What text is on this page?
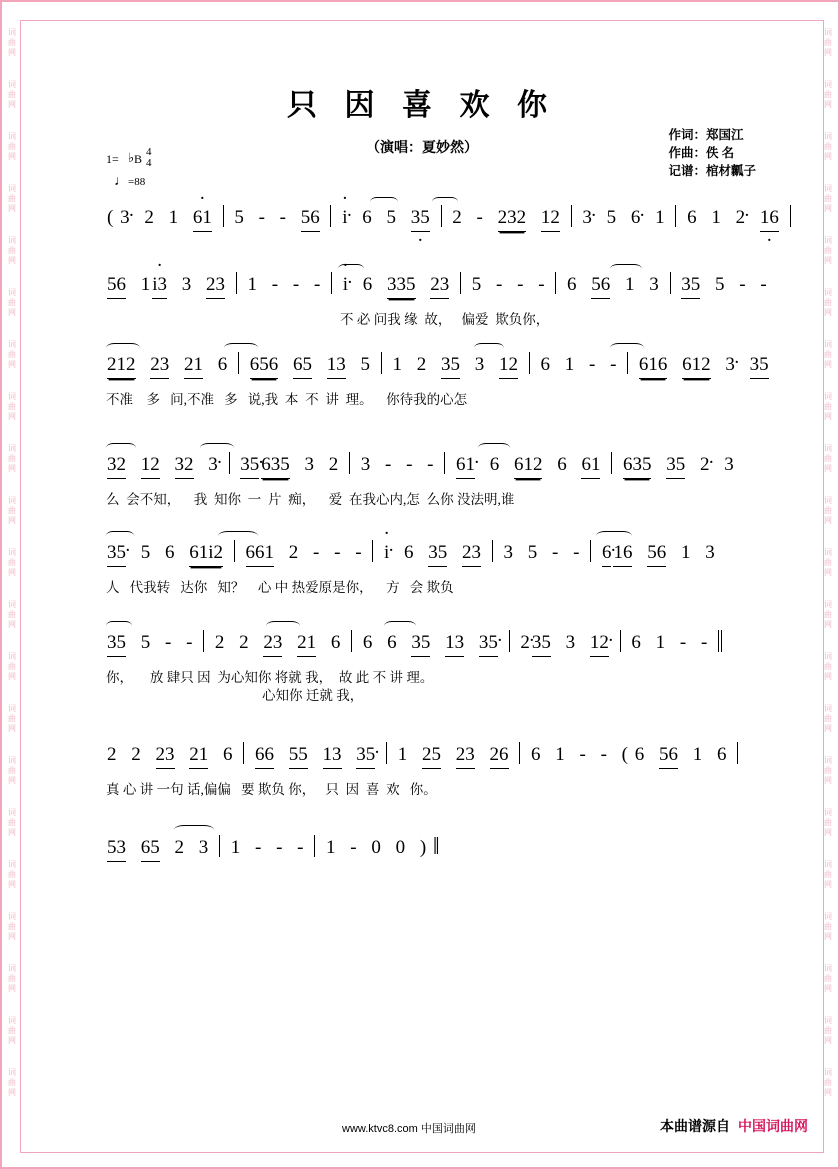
词
曲
网
词
曲
网
词
曲
网
词
曲
网
词
曲
网
词
曲
网
词
曲
网
词
曲
网
词
曲
网
词
曲
网
词
曲
网
词
曲
网
词
曲
网
词
曲
网
词
曲
网
词
曲
网
词
曲
网
词
曲
网
词
曲
网
词
曲
网
词
曲
网
词
曲
网
词
曲
网
词
曲
网
词
曲
网
词
曲
网
词
曲
网
词
曲
网
词
曲
网
词
曲
网
词
曲
网
词
曲
网
词
曲
网
词
曲
网
词
曲
网
词
曲
网
词
曲
网
词
曲
网
词
曲
网
词
曲
网
词
曲
网
词
曲
网
只 因 喜 欢 你
（演唱：夏妙然）
作词：郑国江
作曲：佚 名
记谱：棺材瓤子
1= ♭ B 4
4
♩=88
( 3 · 2 1 · 61 5 - - 56 · i · 6 5 35 · 2 - 232 12 3 · 5 6 · 1 6 1 2 · 16 ·
56 1 · i3 3 23 1 - - - · i · 6 335 23 5 - - - 6 56 1 3 35 5 - -
不 必 问我 缘  故，   偏爱  欺负你，
212 23 21 6 656 65 13 5 1 2 35 3 12 6 1 - - 616 612 3 · 35
不准    多   问,不准   多   说,我  本  不  讲  理。    你待我的心怎
32 12 32 3 · 35 · 635 3 2 3 - - - 61 · 6 612 6 61 635 35 2 · 3
么  会不知，    我  知你  一  片  痴，    爱  在我心内,怎  么你 没法明,谁
35 · 5 6 61i2 661 2 - - - · i · 6 35 23 3 5 - - 6 · 16 56 1 3
人   代我转   达你   知？    心 中 热爱原是你，    方   会 欺负
35 5 - - 2 2 23 21 6 6 6 35 13 35 · 2 · 35 3 12 · 6 1 - -
你，     放 肆只 因  为心知你 将就 我，  故 此 不 讲 理。
心知你 迁就 我，
2 2 23 21 6 66 55 13 35 · 1 25 23 26 6 1 - - ( 6 56 1 6
真 心 讲 一句 话,偏偏   要 欺负 你，   只  因  喜  欢   你。
53 65 2 3 1 - - - 1 - 0 0 ) ‖
www.ktvc8.com 中国词曲网	本曲谱源自 中国词曲网
